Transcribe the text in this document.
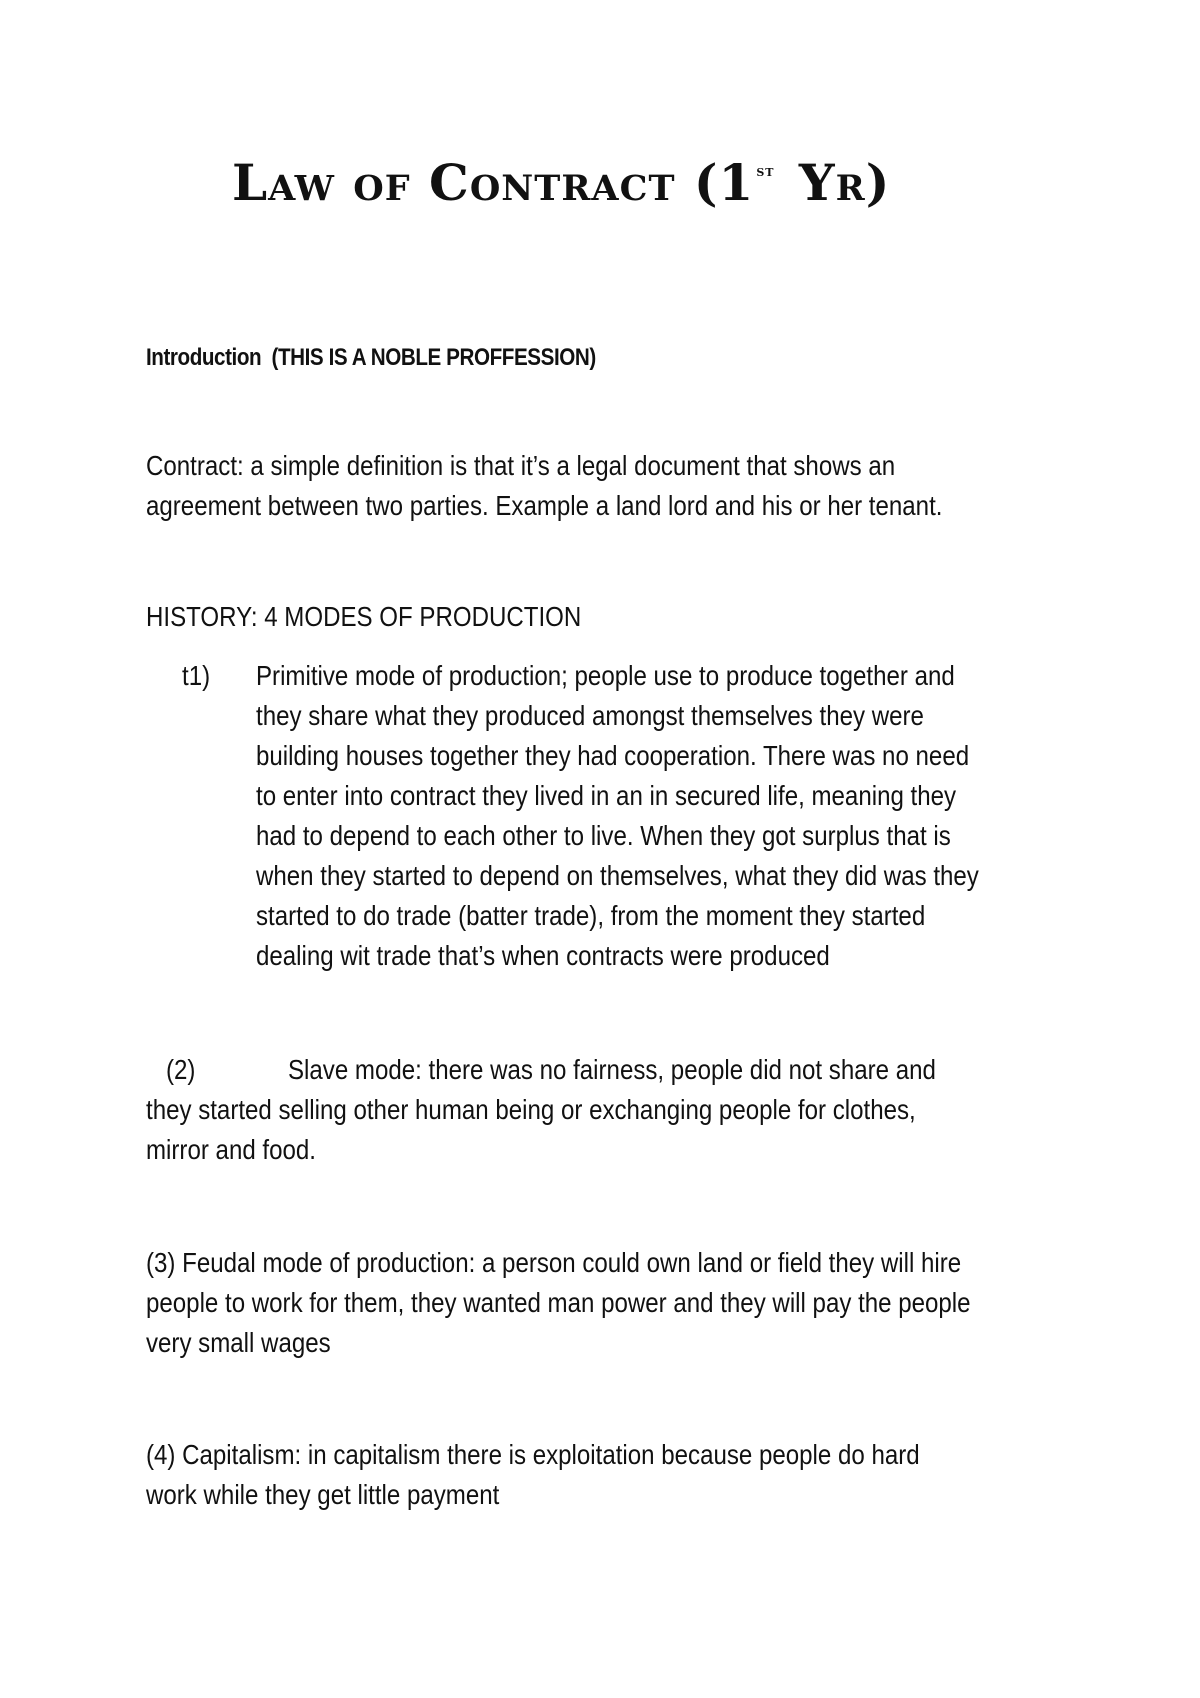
Law of Contract (1 $^{st}$ Yr)
Introduction (THIS IS A NOBLE PROFFESSION)

Contract: a simple definition is that it’s a legal document that shows an

agreement between two parties. Example a land lord and his or her tenant.

HISTORY: 4 MODES OF PRODUCTION

t1) Primitive mode of production; people use to produce together and

they share what they produced amongst themselves they were

building houses together they had cooperation. There was no need

to enter into contract they lived in an in secured life, meaning they

had to depend to each other to live. When they got surplus that is

when they started to depend on themselves, what they did was they

started to do trade (batter trade), from the moment they started

dealing wit trade that’s when contracts were produced

(2)	Slave mode: there was no fairness, people did not share and

they started selling other human being or exchanging people for clothes,

mirror and food.

(3) Feudal mode of production: a person could own land or field they will hire

people to work for them, they wanted man power and they will pay the people

very small wages

(4) Capitalism: in capitalism there is exploitation because people do hard

work while they get little payment
